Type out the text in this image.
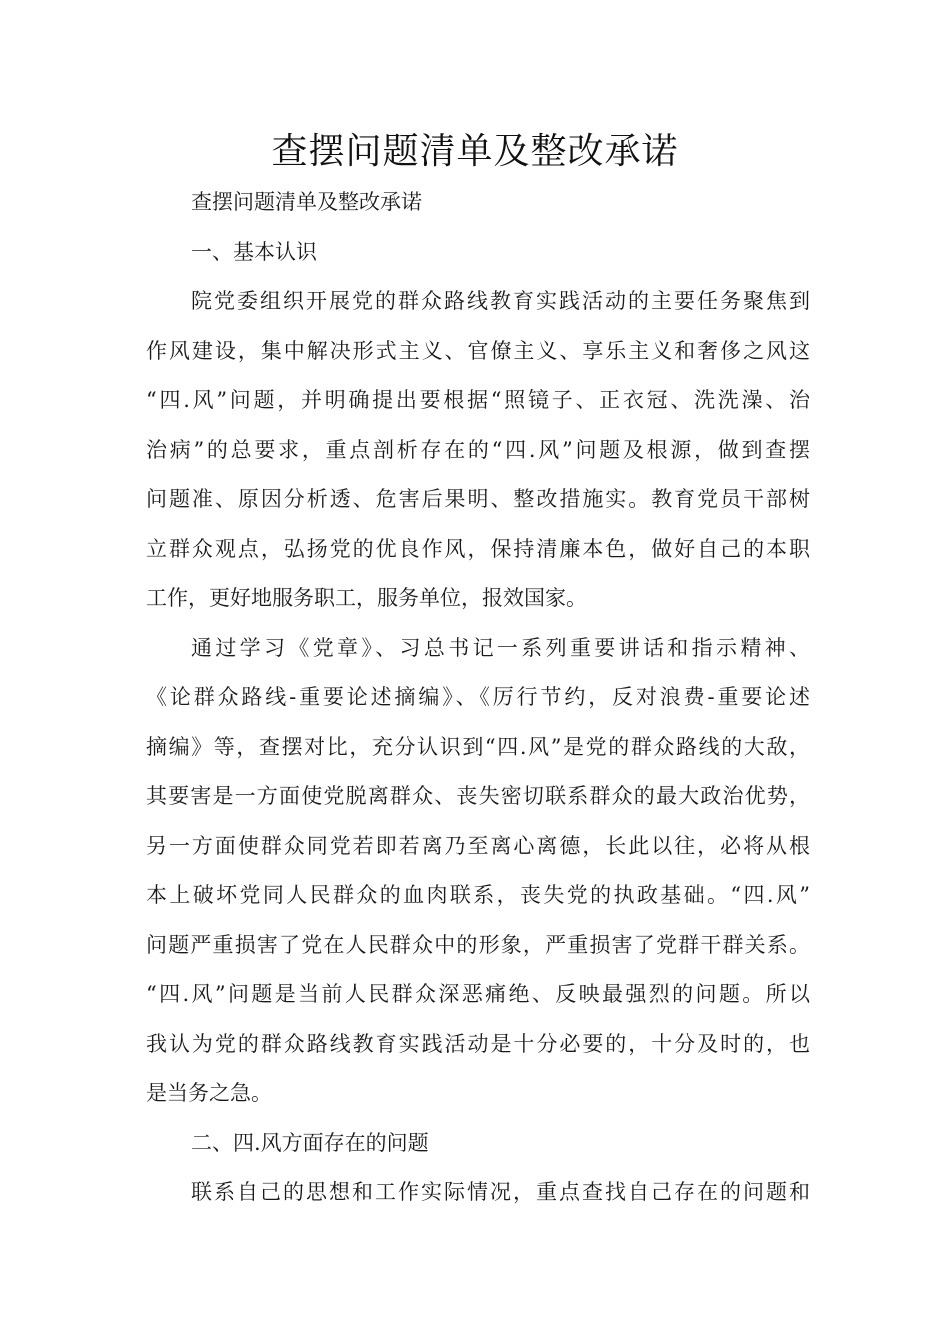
查摆问题清单及整改承诺
查摆问题清单及整改承诺
一、基本认识
院党委组织开展党的群众路线教育实践活动的主要任务聚焦到
作风建设，集中解决形式主义、官僚主义、享乐主义和奢侈之风这
“四.风”问题，并明确提出要根据“照镜子、正衣冠、洗洗澡、治
治病”的总要求，重点剖析存在的“四.风”问题及根源，做到查摆
问题准、原因分析透、危害后果明、整改措施实。教育党员干部树
立群众观点，弘扬党的优良作风，保持清廉本色，做好自己的本职
工作，更好地服务职工，服务单位，报效国家。
通过学习《党章》、习总书记一系列重要讲话和指示精神、
《论群众路线-重要论述摘编》、《厉行节约，反对浪费-重要论述
摘编》等，查摆对比，充分认识到“四.风”是党的群众路线的大敌，
其要害是一方面使党脱离群众、丧失密切联系群众的最大政治优势，
另一方面使群众同党若即若离乃至离心离德，长此以往，必将从根
本上破坏党同人民群众的血肉联系，丧失党的执政基础。“四.风”
问题严重损害了党在人民群众中的形象，严重损害了党群干群关系。
“四.风”问题是当前人民群众深恶痛绝、反映最强烈的问题。所以
我认为党的群众路线教育实践活动是十分必要的，十分及时的，也
是当务之急。
二、四.风方面存在的问题
联系自己的思想和工作实际情况，重点查找自己存在的问题和
